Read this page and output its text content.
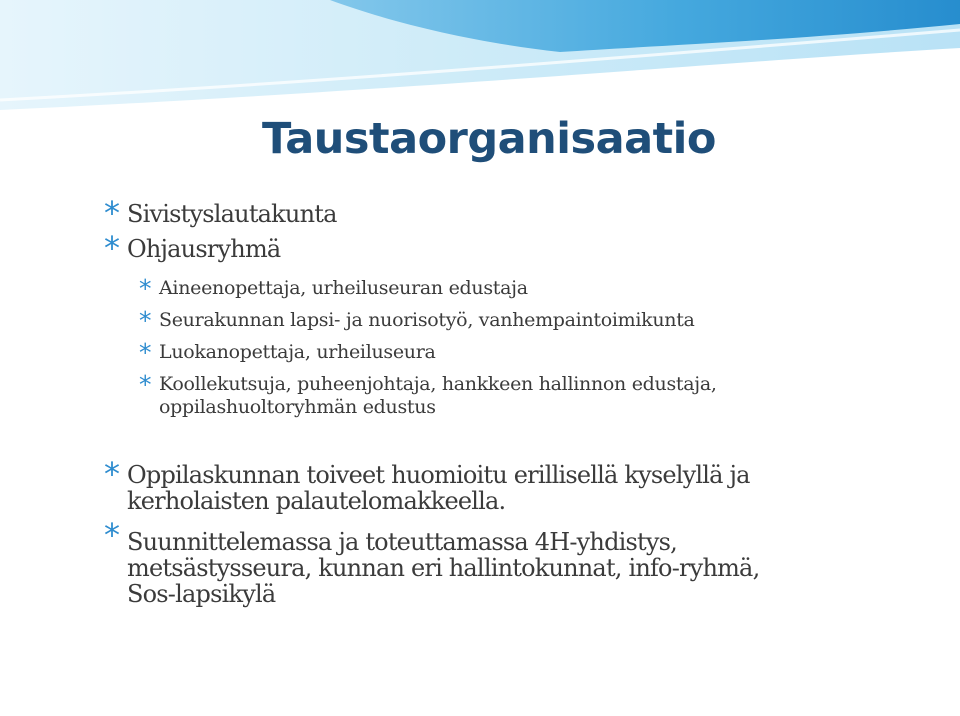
Taustaorganisaatio
* Sivistyslautakunta
* Ohjausryhmä
* Aineenopettaja, urheiluseuran edustaja
* Seurakunnan lapsi- ja nuorisotyö, vanhempaintoimikunta
* Luokanopettaja, urheiluseura
* Koollekutsuja, puheenjohtaja, hankkeen hallinnon edustaja,
oppilashuoltoryhmän edustus
* Oppilaskunnan toiveet huomioitu erillisellä kyselyllä ja
kerholaisten palautelomakkeella.
* Suunnittelemassa ja toteuttamassa 4H-yhdistys,
metsästysseura, kunnan eri hallintokunnat, info-ryhmä,
Sos-lapsikylä
